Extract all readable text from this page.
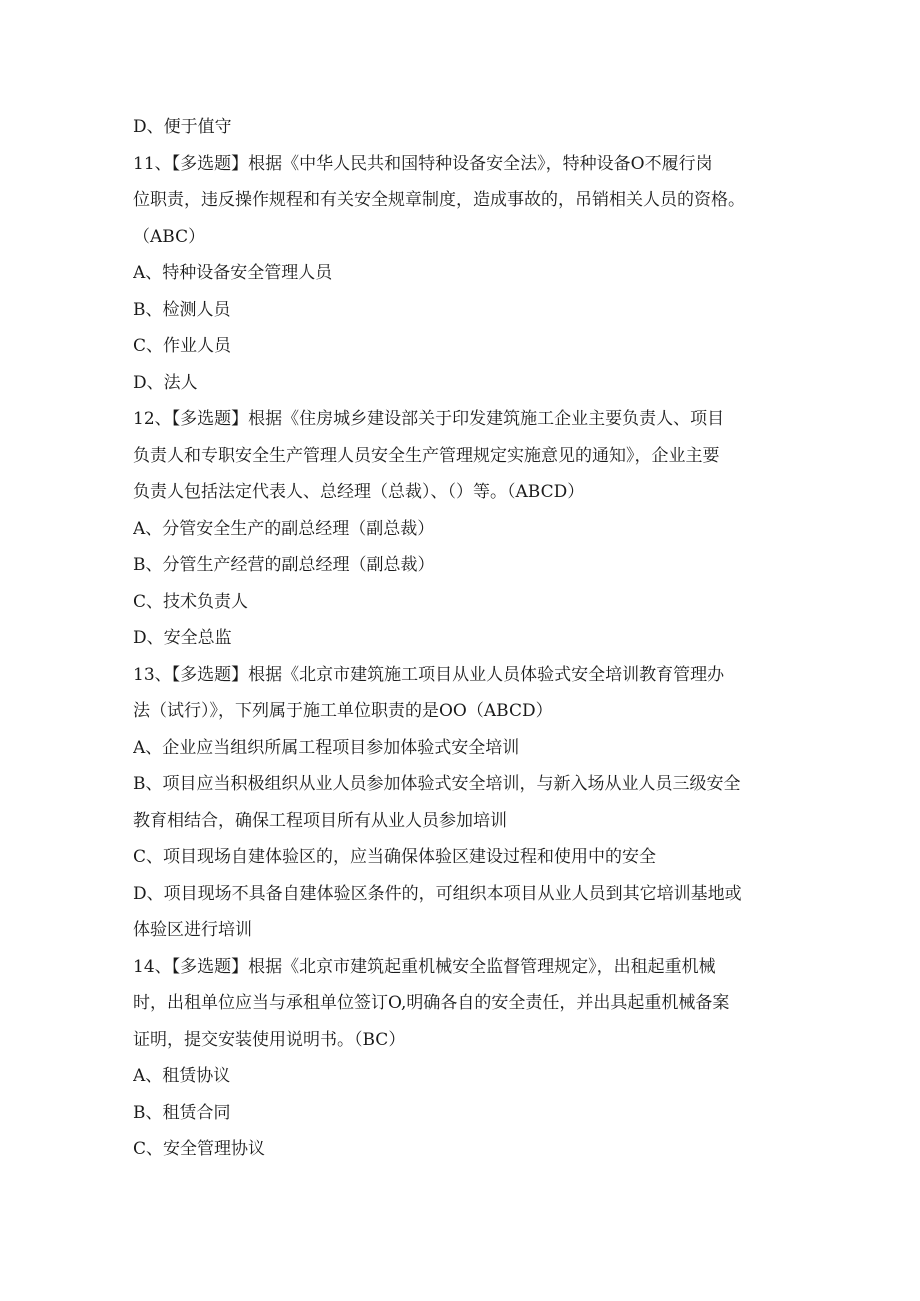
D、便于值守
11、【多选题】根据《中华人民共和国特种设备安全法》，特种设备O不履行岗
位职责，违反操作规程和有关安全规章制度，造成事故的，吊销相关人员的资格。
（ABC）
A、特种设备安全管理人员
B、检测人员
C、作业人员
D、法人
12、【多选题】根据《住房城乡建设部关于印发建筑施工企业主要负责人、项目
负责人和专职安全生产管理人员安全生产管理规定实施意见的通知》，企业主要
负责人包括法定代表人、总经理（总裁）、（）等。（ABCD）
A、分管安全生产的副总经理（副总裁）
B、分管生产经营的副总经理（副总裁）
C、技术负责人
D、安全总监
13、【多选题】根据《北京市建筑施工项目从业人员体验式安全培训教育管理办
法（试行）》，下列属于施工单位职责的是OO（ABCD）
A、企业应当组织所属工程项目参加体验式安全培训
B、项目应当积极组织从业人员参加体验式安全培训，与新入场从业人员三级安全
教育相结合，确保工程项目所有从业人员参加培训
C、项目现场自建体验区的，应当确保体验区建设过程和使用中的安全
D、项目现场不具备自建体验区条件的，可组织本项目从业人员到其它培训基地或
体验区进行培训
14、【多选题】根据《北京市建筑起重机械安全监督管理规定》，出租起重机械
时，出租单位应当与承租单位签订O,明确各自的安全责任，并出具起重机械备案
证明，提交安装使用说明书。（BC）
A、租赁协议
B、租赁合同
C、安全管理协议
